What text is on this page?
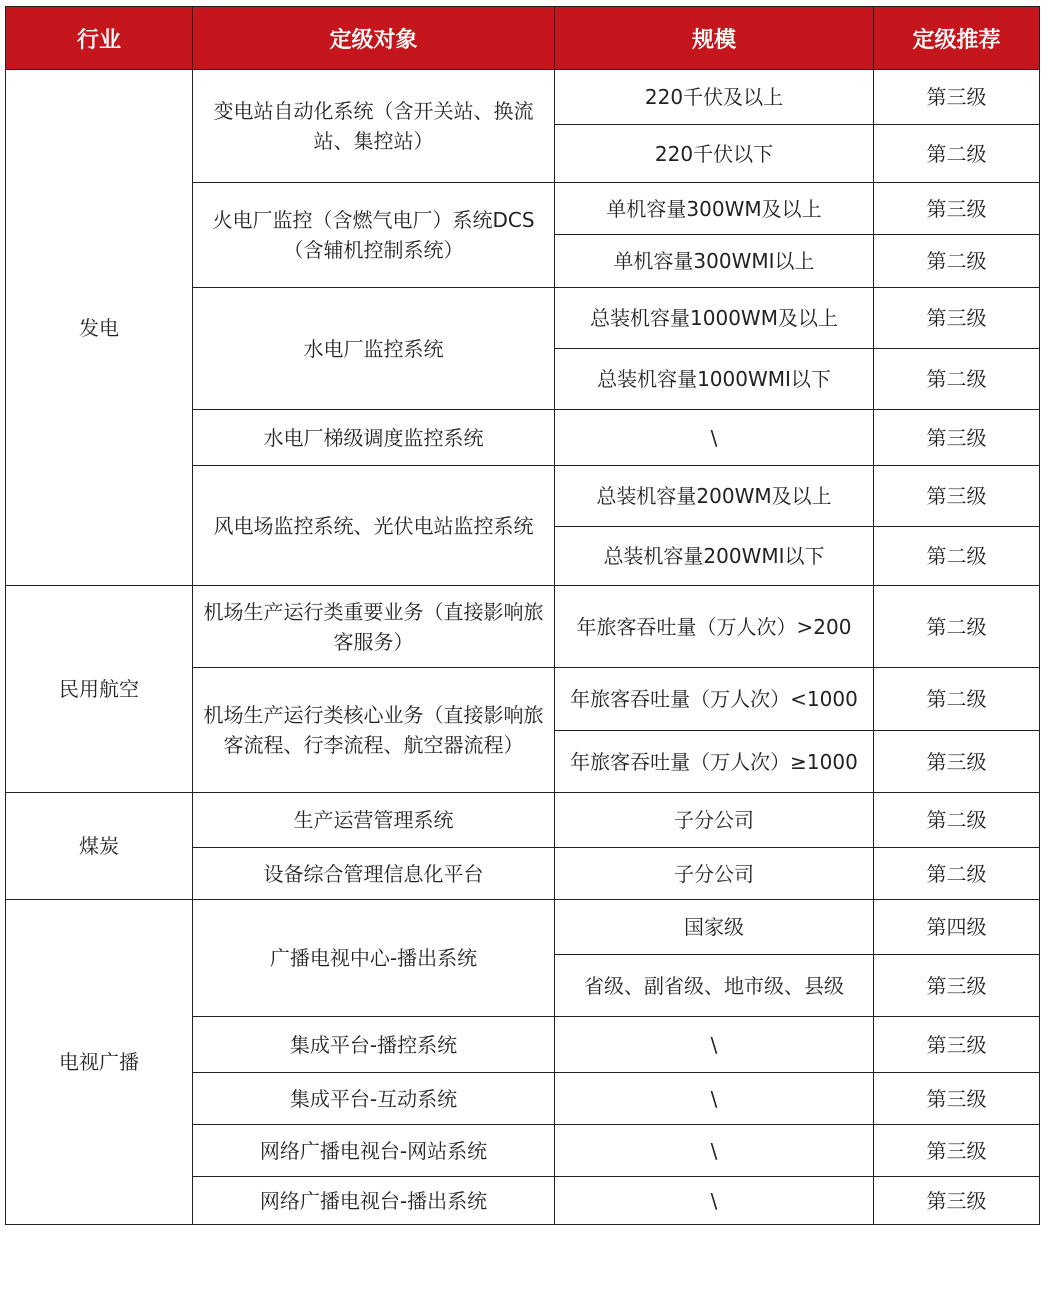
行业	定级对象	规模	定级推荐
发电	变电站自动化系统（含开关站、换流站、集控站）	220千伏及以上	第三级
		220千伏以下	第二级
	火电厂监控（含燃气电厂）系统DCS（含辅机控制系统）	单机容量300WM及以上	第三级
		单机容量300WMI以上	第二级
	水电厂监控系统	总装机容量1000WM及以上	第三级
		总装机容量1000WMI以下	第二级
	水电厂梯级调度监控系统	\	第三级
	风电场监控系统、光伏电站监控系统	总装机容量200WM及以上	第三级
		总装机容量200WMI以下	第二级
民用航空	机场生产运行类重要业务（直接影响旅客服务）	年旅客吞吐量（万人次）>200	第二级
	机场生产运行类核心业务（直接影响旅客流程、行李流程、航空器流程）	年旅客吞吐量（万人次）<1000	第二级
		年旅客吞吐量（万人次）≥1000	第三级
煤炭	生产运营管理系统	子分公司	第二级
	设备综合管理信息化平台	子分公司	第二级
电视广播	广播电视中心-播出系统	国家级	第四级
		省级、副省级、地市级、县级	第三级
	集成平台-播控系统	\	第三级
	集成平台-互动系统	\	第三级
	网络广播电视台-网站系统	\	第三级
	网络广播电视台-播出系统	\	第三级
